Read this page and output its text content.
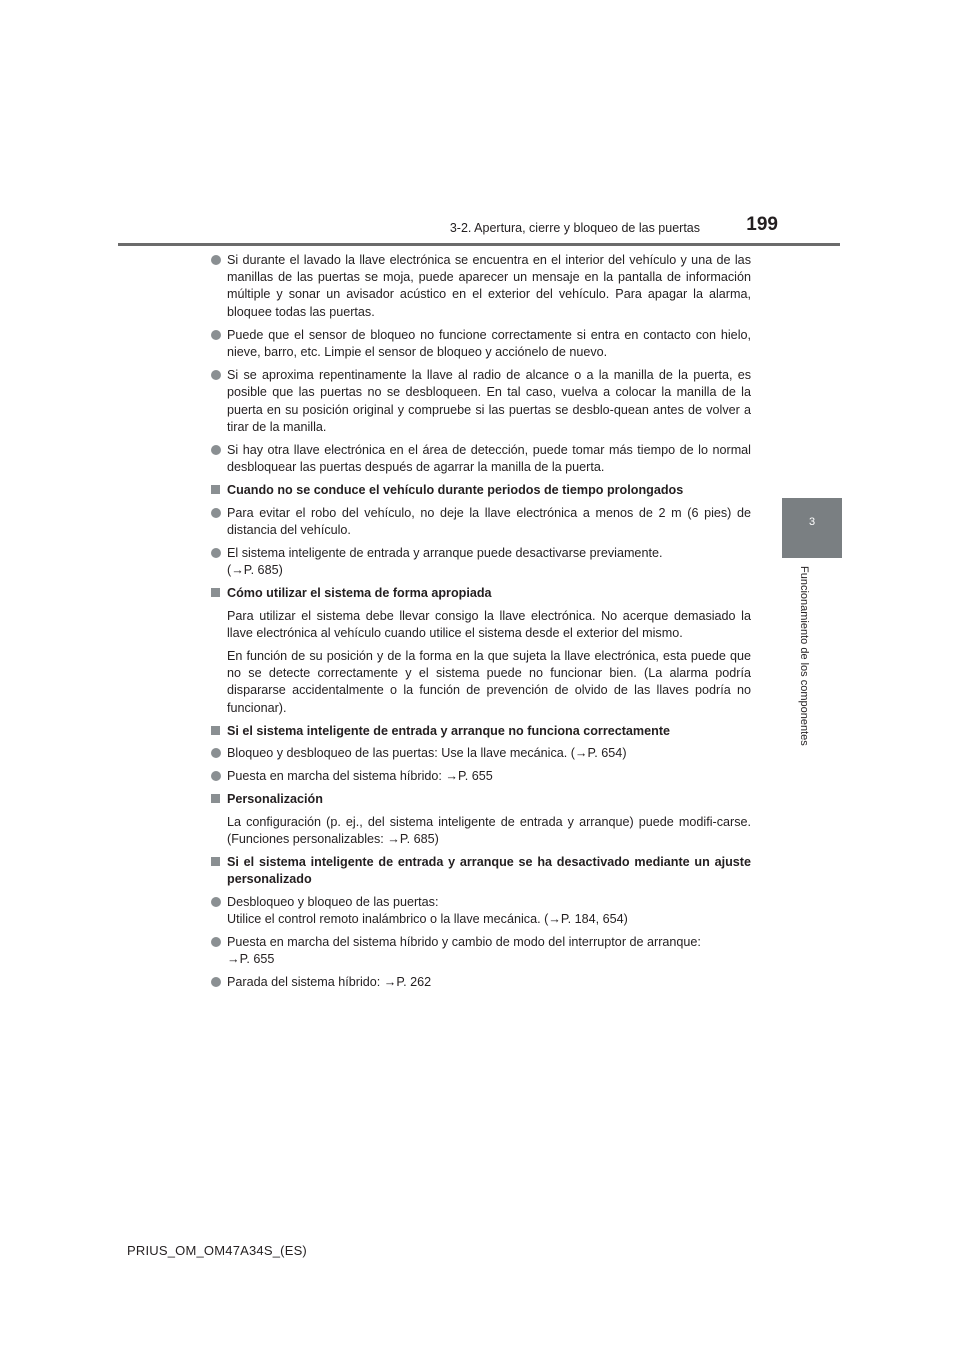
3-2. Apertura, cierre y bloqueo de las puertas	199
3
Funcionamiento de los componentes
Si durante el lavado la llave electrónica se encuentra en el interior del vehículo y una de las manillas de las puertas se moja, puede aparecer un mensaje en la pantalla de información múltiple y sonar un avisador acústico en el exterior del vehículo. Para apagar la alarma, bloquee todas las puertas.
Puede que el sensor de bloqueo no funcione correctamente si entra en contacto con hielo, nieve, barro, etc. Limpie el sensor de bloqueo y acciónelo de nuevo.
Si se aproxima repentinamente la llave al radio de alcance o a la manilla de la puerta, es posible que las puertas no se desbloqueen. En tal caso, vuelva a colocar la manilla de la puerta en su posición original y compruebe si las puertas se desblo-quean antes de volver a tirar de la manilla.
Si hay otra llave electrónica en el área de detección, puede tomar más tiempo de lo normal desbloquear las puertas después de agarrar la manilla de la puerta.
Cuando no se conduce el vehículo durante periodos de tiempo prolongados
Para evitar el robo del vehículo, no deje la llave electrónica a menos de 2 m (6 pies) de distancia del vehículo.
El sistema inteligente de entrada y arranque puede desactivarse previamente.
(→P. 685)
Cómo utilizar el sistema de forma apropiada
Para utilizar el sistema debe llevar consigo la llave electrónica. No acerque demasiado la llave electrónica al vehículo cuando utilice el sistema desde el exterior del mismo.
En función de su posición y de la forma en la que sujeta la llave electrónica, esta puede que no se detecte correctamente y el sistema puede no funcionar bien. (La alarma podría dispararse accidentalmente o la función de prevención de olvido de las llaves podría no funcionar).
Si el sistema inteligente de entrada y arranque no funciona correctamente
Bloqueo y desbloqueo de las puertas: Use la llave mecánica. (→P. 654)
Puesta en marcha del sistema híbrido: →P. 655
Personalización
La configuración (p. ej., del sistema inteligente de entrada y arranque) puede modifi-carse. (Funciones personalizables: →P. 685)
Si el sistema inteligente de entrada y arranque se ha desactivado mediante un ajuste personalizado
Desbloqueo y bloqueo de las puertas:
Utilice el control remoto inalámbrico o la llave mecánica. (→P. 184, 654)
Puesta en marcha del sistema híbrido y cambio de modo del interruptor de arranque:
→P. 655
Parada del sistema híbrido: →P. 262
PRIUS_OM_OM47A34S_(ES)
